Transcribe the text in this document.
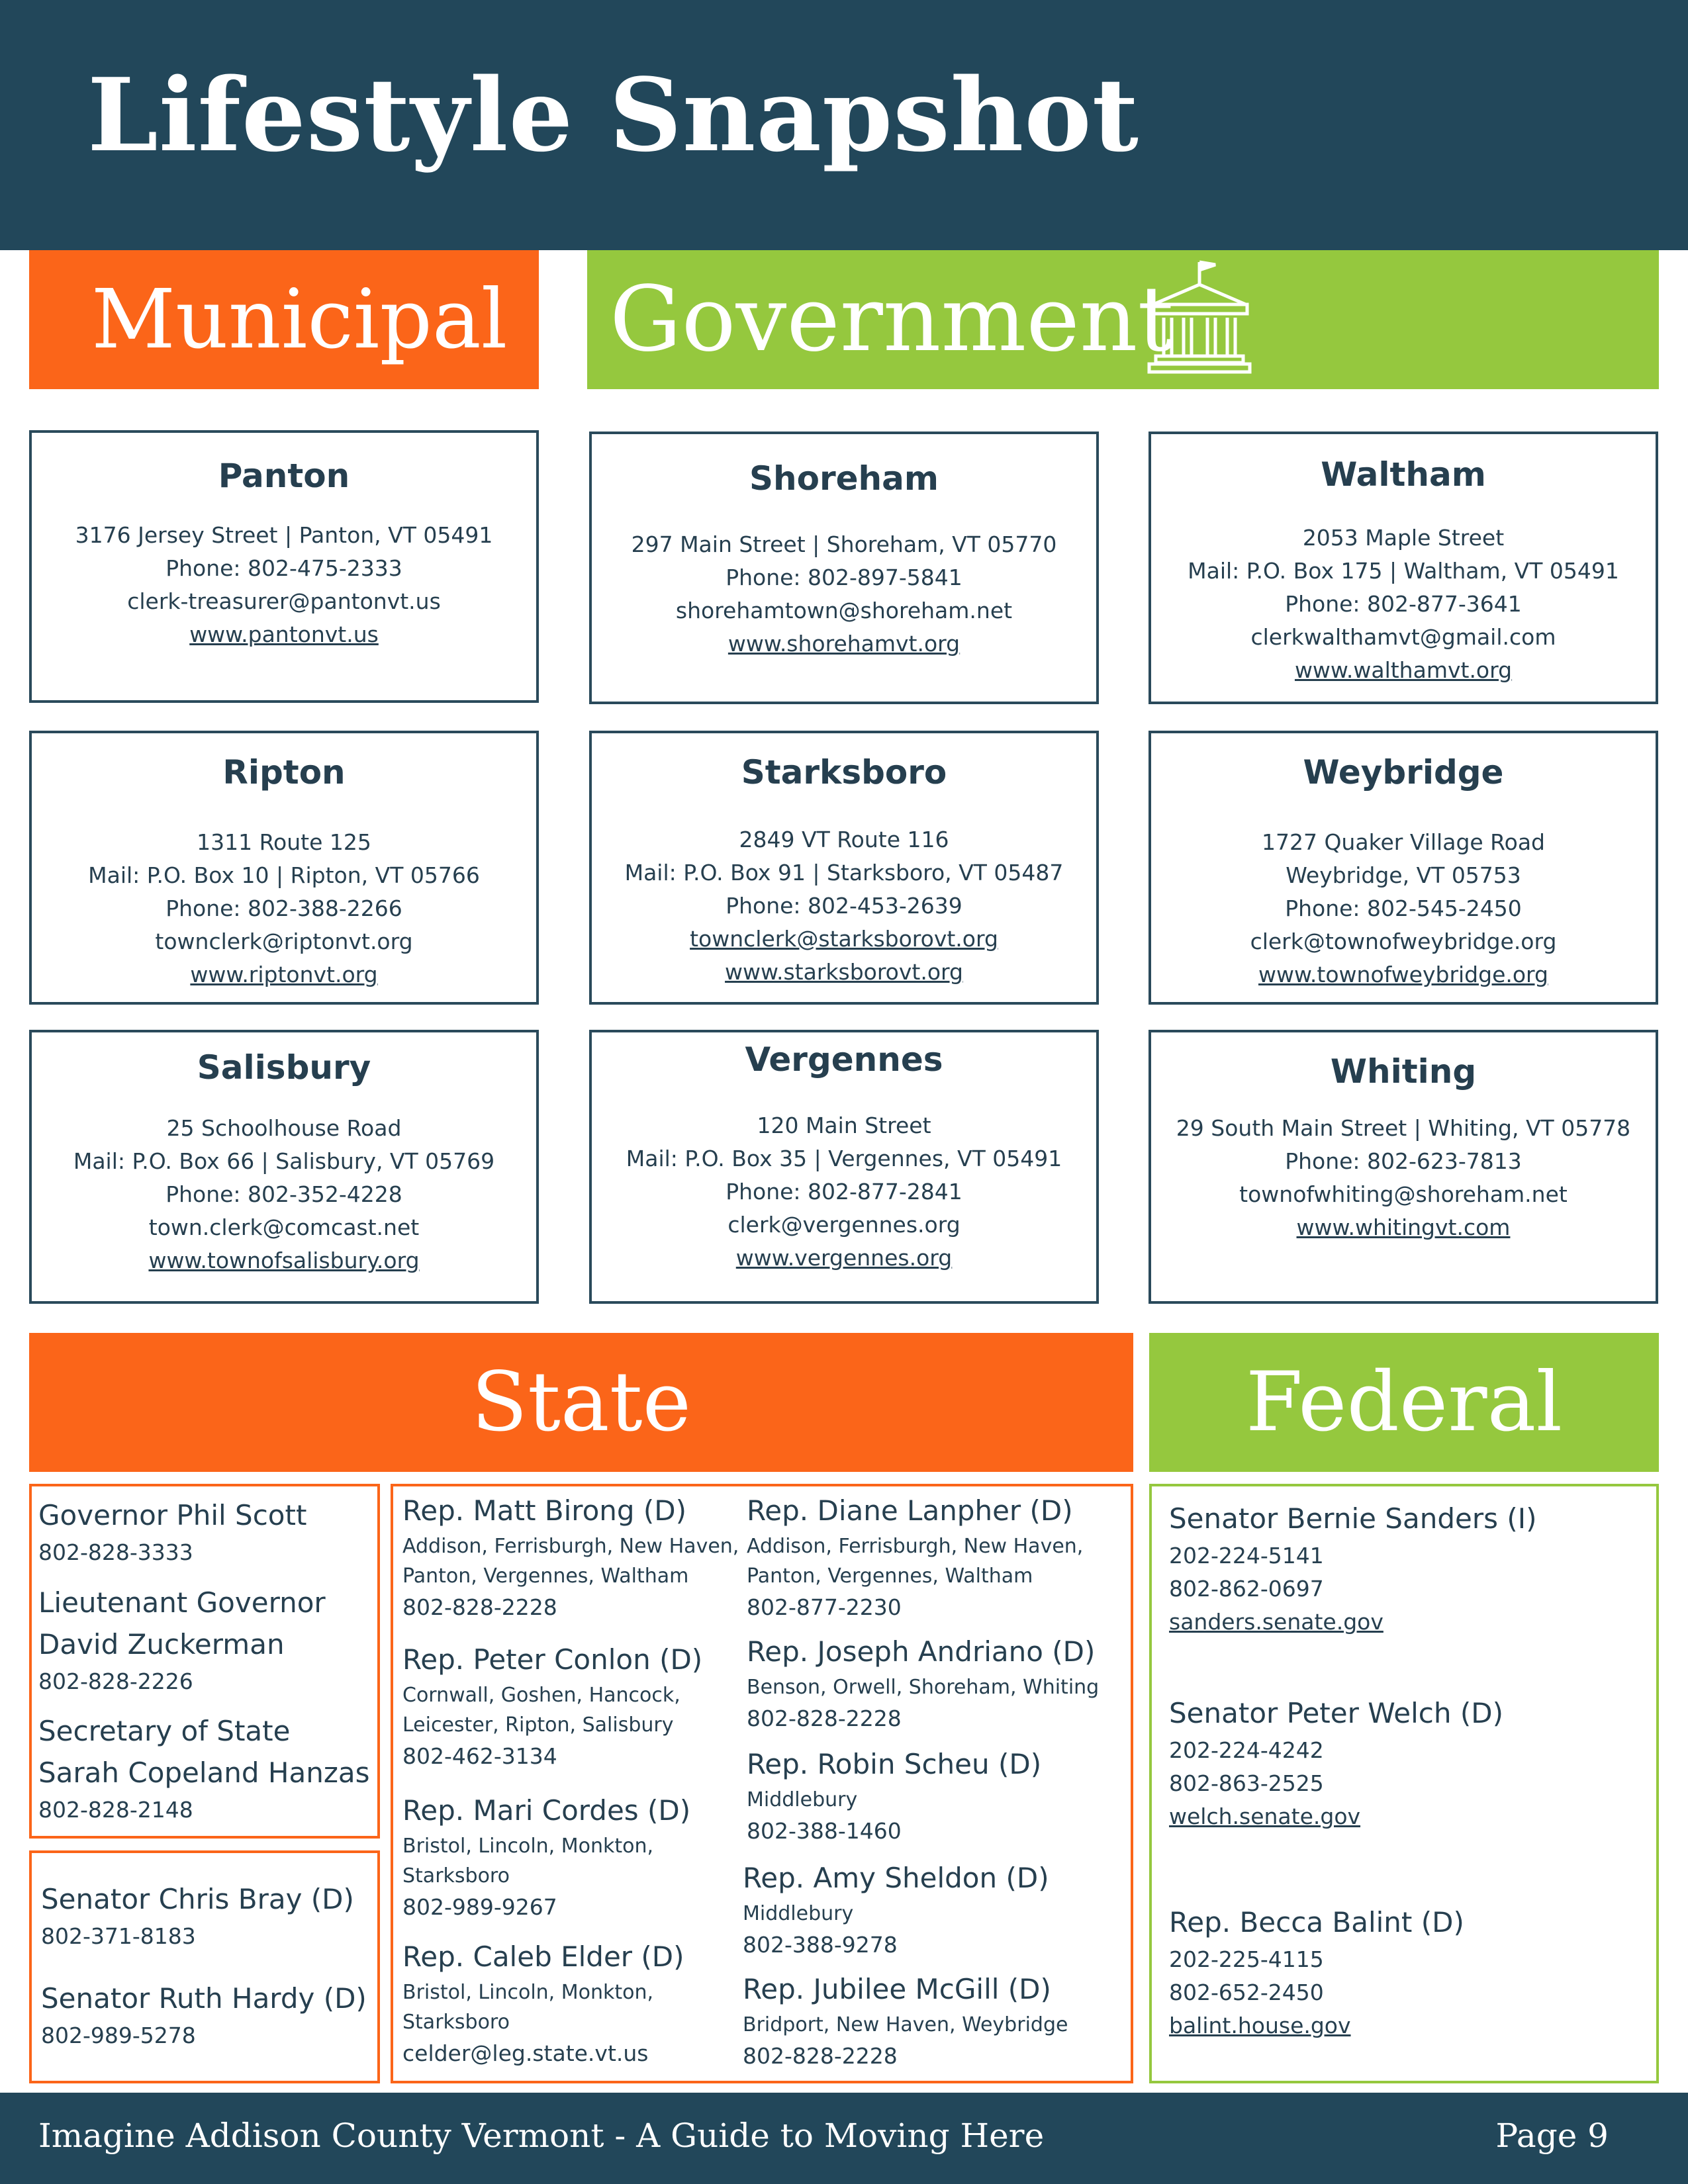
Lifestyle Snapshot
Municipal Government
Panton
3176 Jersey Street | Panton, VT 05491
Phone: 802-475-2333
clerk-treasurer@pantonvt.us
www.pantonvt.us
Shoreham
297 Main Street | Shoreham, VT 05770
Phone: 802-897-5841
shorehamtown@shoreham.net
www.shorehamvt.org
Waltham
2053 Maple Street
Mail: P.O. Box 175 | Waltham, VT 05491
Phone: 802-877-3641
clerkwalthamvt@gmail.com
www.walthamvt.org
Ripton
1311 Route 125
Mail: P.O. Box 10 | Ripton, VT 05766
Phone: 802-388-2266
townclerk@riptonvt.org
www.riptonvt.org
Starksboro
2849 VT Route 116
Mail: P.O. Box 91 | Starksboro, VT 05487
Phone: 802-453-2639
townclerk@starksborovt.org
www.starksborovt.org
Weybridge
1727 Quaker Village Road
Weybridge, VT 05753
Phone: 802-545-2450
clerk@townofweybridge.org
www.townofweybridge.org
Salisbury
25 Schoolhouse Road
Mail: P.O. Box 66 | Salisbury, VT 05769
Phone: 802-352-4228
town.clerk@comcast.net
www.townofsalisbury.org
Vergennes
120 Main Street
Mail: P.O. Box 35 | Vergennes, VT 05491
Phone: 802-877-2841
clerk@vergennes.org
www.vergennes.org
Whiting
29 South Main Street | Whiting, VT 05778
Phone: 802-623-7813
townofwhiting@shoreham.net
www.whitingvt.com
State	Federal
Governor Phil Scott
802-828-3333
Lieutenant Governor
David Zuckerman
802-828-2226
Secretary of State
Sarah Copeland Hanzas
802-828-2148
Senator Chris Bray (D)
802-371-8183
Senator Ruth Hardy (D)
802-989-5278
Rep. Matt Birong (D)
Addison, Ferrisburgh, New Haven,
Panton, Vergennes, Waltham
802-828-2228
Rep. Peter Conlon (D)
Cornwall, Goshen, Hancock,
Leicester, Ripton, Salisbury
802-462-3134
Rep. Mari Cordes (D)
Bristol, Lincoln, Monkton,
Starksboro
802-989-9267
Rep. Caleb Elder (D)
Bristol, Lincoln, Monkton,
Starksboro
celder@leg.state.vt.us
Rep. Diane Lanpher (D)
Addison, Ferrisburgh, New Haven,
Panton, Vergennes, Waltham
802-877-2230
Rep. Joseph Andriano (D)
Benson, Orwell, Shoreham, Whiting
802-828-2228
Rep. Robin Scheu (D)
Middlebury
802-388-1460
Rep. Amy Sheldon (D)
Middlebury
802-388-9278
Rep. Jubilee McGill (D)
Bridport, New Haven, Weybridge
802-828-2228
Senator Bernie Sanders (I)
202-224-5141
802-862-0697
sanders.senate.gov
Senator Peter Welch (D)
202-224-4242
802-863-2525
welch.senate.gov
Rep. Becca Balint (D)
202-225-4115
802-652-2450
balint.house.gov
Imagine Addison County Vermont - A Guide to Moving Here	Page 9
